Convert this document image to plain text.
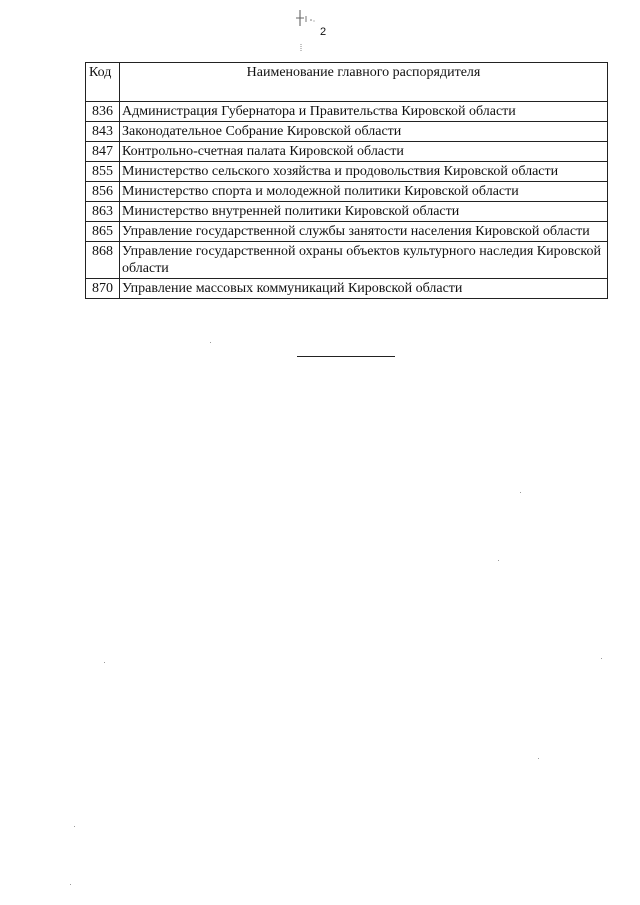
2
Код	Наименование главного распорядителя
836	Администрация Губернатора и Правительства Кировской области
843	Законодательное Собрание Кировской области
847	Контрольно-счетная палата Кировской области
855	Министерство сельского хозяйства и продовольствия Кировской области
856	Министерство спорта и молодежной политики Кировской области
863	Министерство внутренней политики Кировской области
865	Управление государственной службы занятости населения Кировской области
868	Управление государственной охраны объектов культурного наследия Кировской области
870	Управление массовых коммуникаций Кировской области
